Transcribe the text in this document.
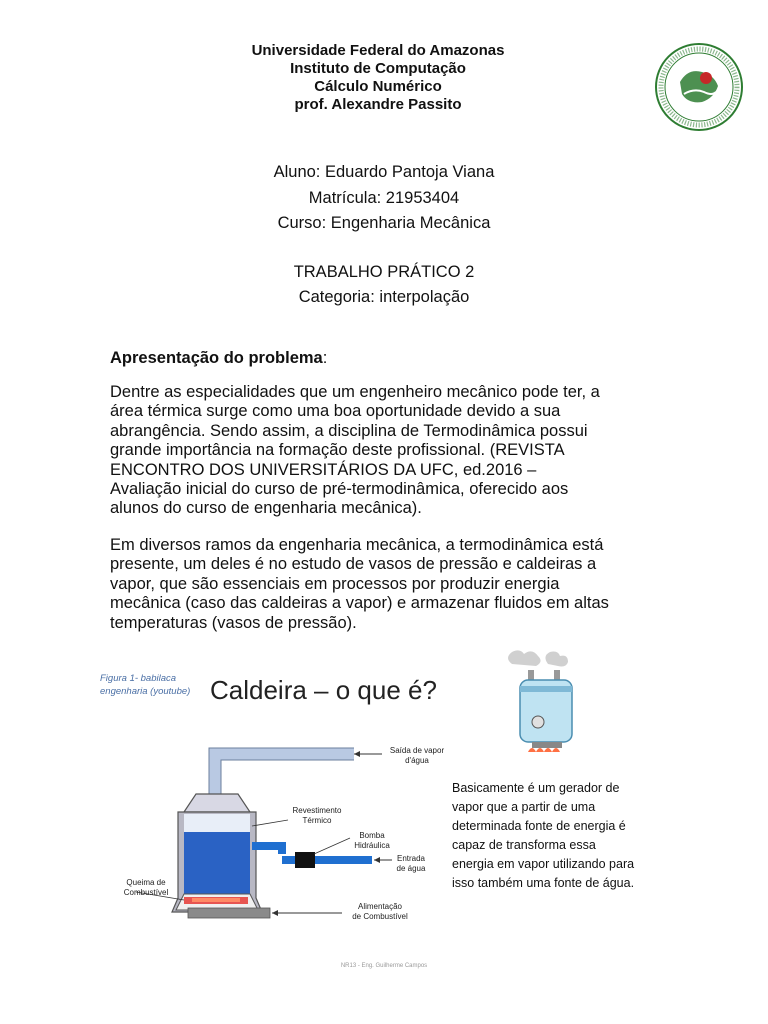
Universidade Federal do Amazonas
Instituto de Computação
Cálculo Numérico
prof. Alexandre Passito
Aluno: Eduardo Pantoja Viana
Matrícula: 21953404
Curso: Engenharia Mecânica
TRABALHO PRÁTICO 2
Categoria: interpolação
Apresentação do problema:

Dentre as especialidades que um engenheiro mecânico pode ter, a
área térmica surge como uma boa oportunidade devido a sua
abrangência. Sendo assim, a disciplina de Termodinâmica possui
grande importância na formação deste profissional. (REVISTA
ENCONTRO DOS UNIVERSITÁRIOS DA UFC, ed.2016 –
Avaliação inicial do curso de pré-termodinâmica, oferecido aos
alunos do curso de engenharia mecânica).

Em diversos ramos da engenharia mecânica, a termodinâmica está
presente, um deles é no estudo de vasos de pressão e caldeiras a
vapor, que são essenciais em processos por produzir energia
mecânica (caso das caldeiras a vapor) e armazenar fluidos em altas
temperaturas (vasos de pressão).

Figura 1- babilaca
engenharia (youtube) Caldeira – o que é?
Saída de vapor
d'água
Revestimento
Térmico
Bomba
Hidráulica
Entrada
de água
Queima de
Combustível
Alimentação
de Combustível
Basicamente é um gerador de
vapor que a partir de uma
determinada fonte de energia é
capaz de transforma essa
energia em vapor utilizando para
isso também uma fonte de água.
NR13 - Eng. Guilherme Campos
